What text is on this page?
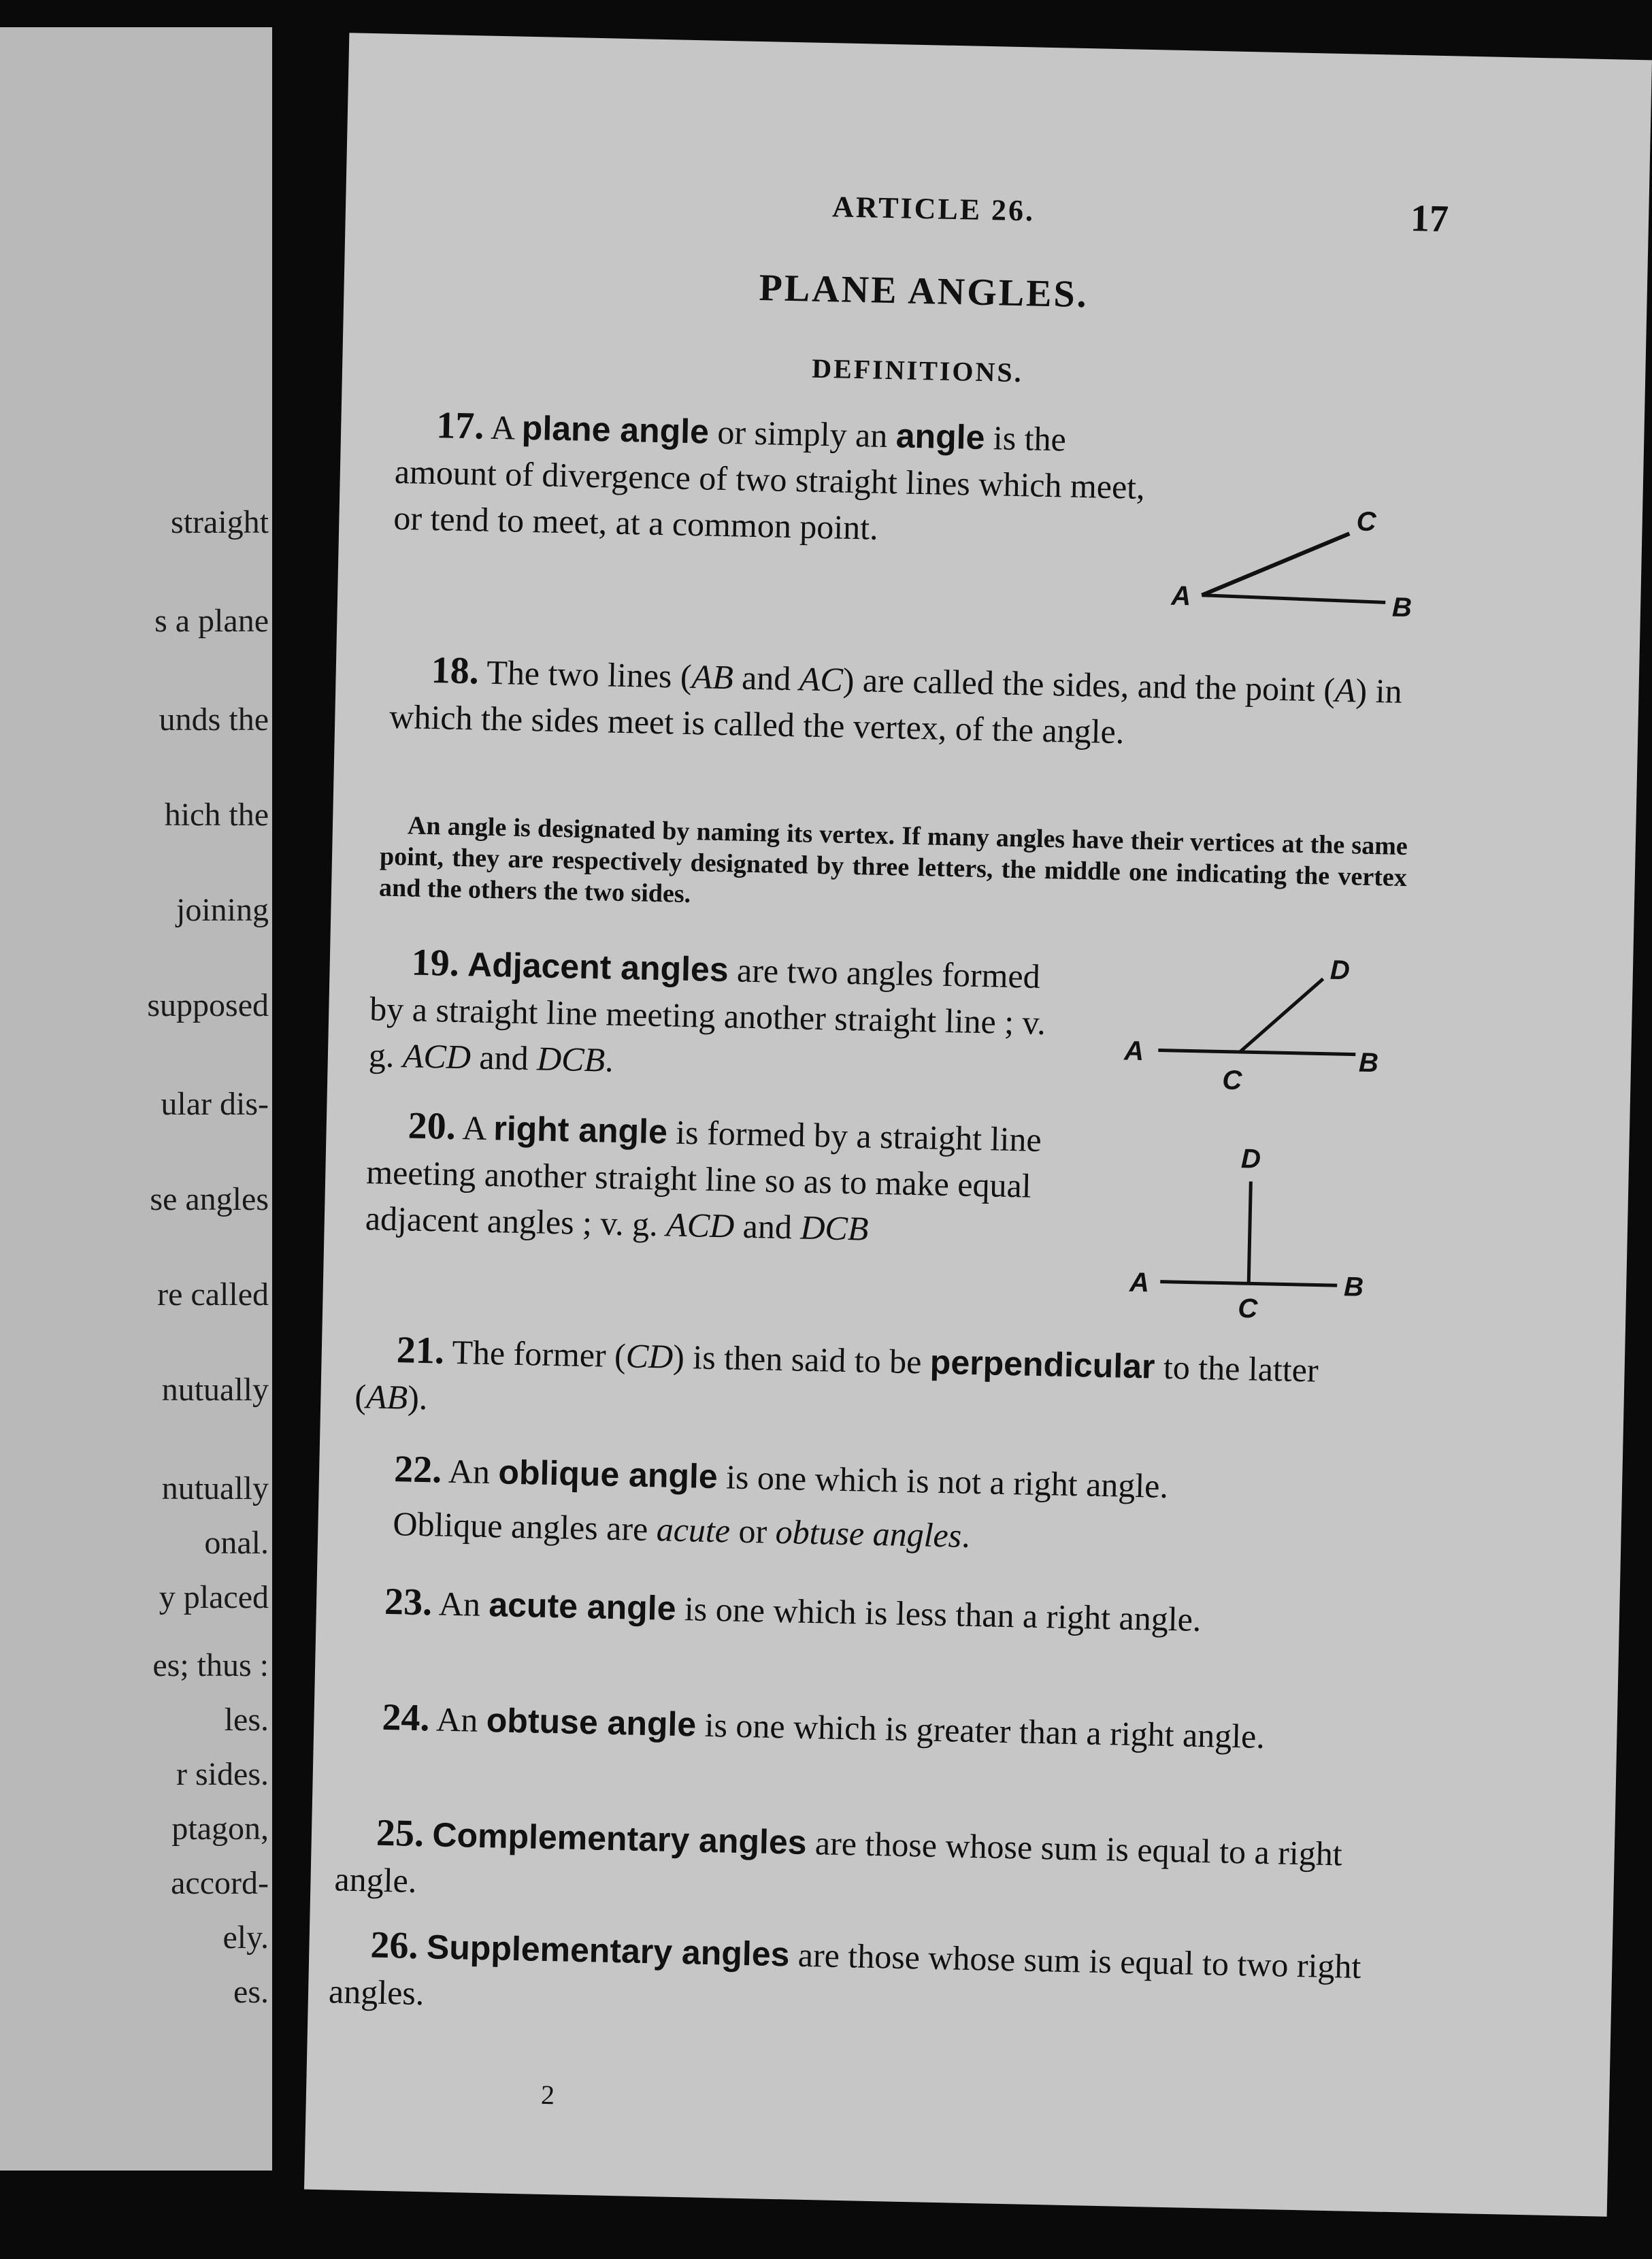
straight
s a plane
unds the
hich the
joining
supposed
ular dis-
se angles
re called
nutually
nutually
onal.
y placed
es; thus :
les.
r sides.
ptagon,
accord-
ely.
es.
ARTICLE 26.	17
PLANE ANGLES.
DEFINITIONS.
17. A plane angle or simply an angle is the amount of divergence of two straight lines which meet, or tend to meet, at a common point.
A	B
C
18. The two lines (AB and AC) are called the sides, and the point (A) in which the sides meet is called the vertex, of the angle.
An angle is designated by naming its vertex. If many angles have their vertices at the same point, they are respectively designated by three letters, the middle one indicating the vertex and the others the two sides.
19. Adjacent angles are two angles formed by a straight line meeting another straight line ; v. g. ACD and DCB.	A
C
B
D
20. A right angle is formed by a straight line meeting another straight line so as to make equal adjacent angles ; v. g. ACD and DCB
A
C
B
D
21. The former (CD) is then said to be perpendicular to the latter (AB).
22. An oblique angle is one which is not a right angle.
Oblique angles are acute or obtuse angles.
23. An acute angle is one which is less than a right angle.
24. An obtuse angle is one which is greater than a right angle.
25. Complementary angles are those whose sum is equal to a right angle.
26. Supplementary angles are those whose sum is equal to two right angles.
2
